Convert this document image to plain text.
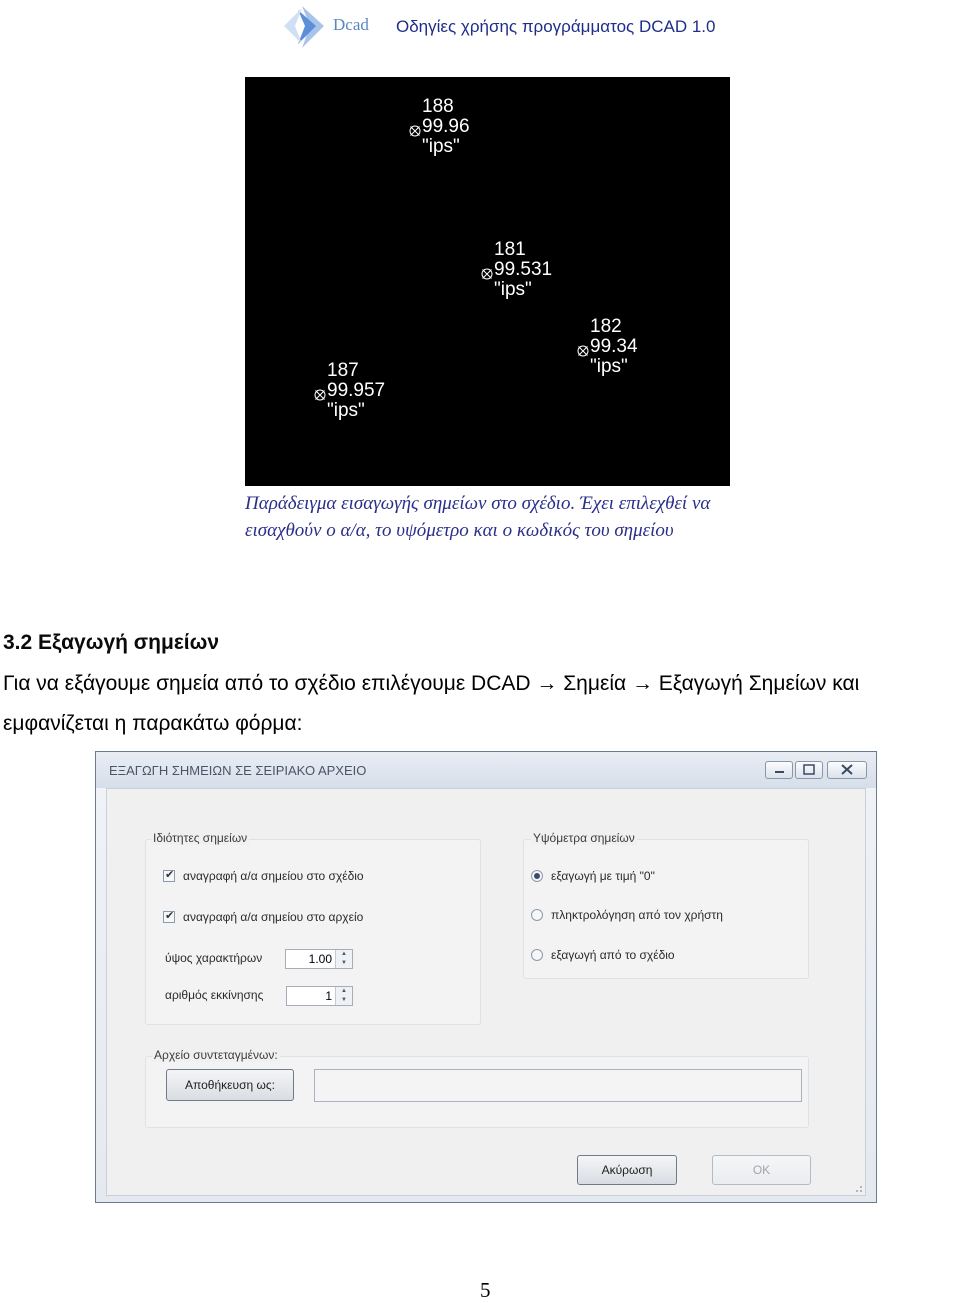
Dcad Οδηγίες χρήσης προγράμματος DCAD 1.0
188
99.96
"ips"
181
99.531
"ips"
182
99.34
"ips"
187
99.957
"ips"
Παράδειγμα εισαγωγής σημείων στο σχέδιο. Έχει επιλεχθεί να εισαχθούν ο α/α, το υψόμετρο και ο κωδικός του σημείου
3.2 Εξαγωγή σημείων
Για να εξάγουμε σημεία από το σχέδιο επιλέγουμε DCAD → Σημεία → Εξαγωγή Σημείων και
εμφανίζεται η παρακάτω φόρμα:
ΕΞΑΓΩΓΗ ΣΗΜΕΙΩΝ ΣΕ ΣΕΙΡΙΑΚΟ ΑΡΧΕΙΟ
Ιδιότητες σημείων
✔ αναγραφή α/α σημείου στο σχέδιο
✔ αναγραφή α/α σημείου στο αρχείο
ύψος χαρακτήρων	1.00	▲
▼
αριθμός εκκίνησης	1	▲
▼
Υψόμετρα σημείων
εξαγωγή με τιμή "0"
πληκτρολόγηση από τον χρήστη
εξαγωγή από το σχέδιο
Αρχείο συντεταγμένων:
Αποθήκευση ως:
Ακύρωση	ΟΚ
5
